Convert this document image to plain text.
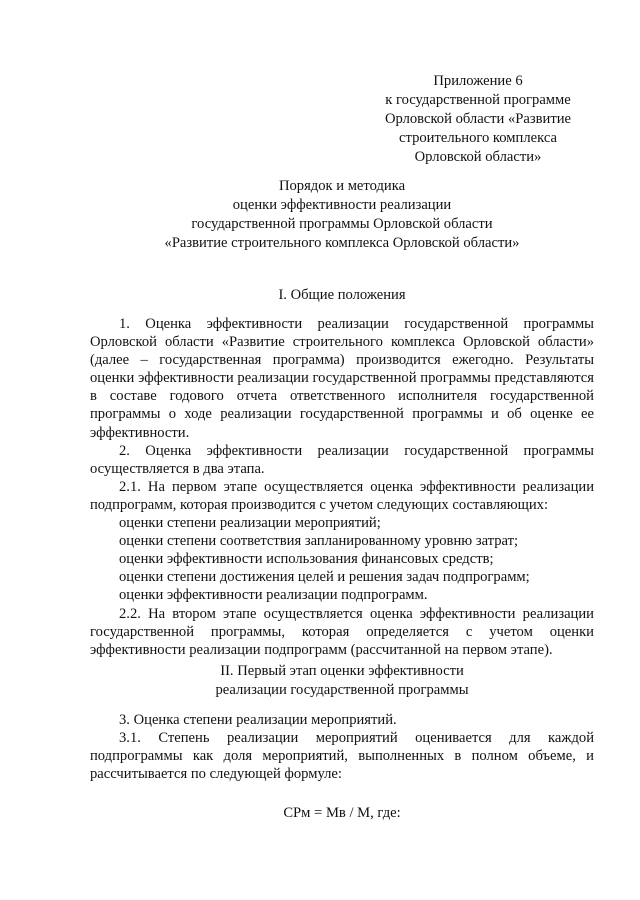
Приложение 6
к государственной программе
Орловской области «Развитие
строительного комплекса
Орловской области»
Порядок и методика
оценки эффективности реализации
государственной программы Орловской области
«Развитие строительного комплекса Орловской области»
I. Общие положения

1. Оценка эффективности реализации государственной программы Орловской области «Развитие строительного комплекса Орловской области» (далее – государственная программа) производится ежегодно. Результаты оценки эффективности реализации государственной программы представляются в составе годового отчета ответственного исполнителя государственной программы о ходе реализации государственной программы и об оценке ее эффективности.

2. Оценка эффективности реализации государственной программы осуществляется в два этапа.

2.1. На первом этапе осуществляется оценка эффективности реализации подпрограмм, которая производится с учетом следующих составляющих:

оценки степени реализации мероприятий;

оценки степени соответствия запланированному уровню затрат;

оценки эффективности использования финансовых средств;

оценки степени достижения целей и решения задач подпрограмм;

оценки эффективности реализации подпрограмм.

2.2. На втором этапе осуществляется оценка эффективности реализации государственной программы, которая определяется с учетом оценки эффективности реализации подпрограмм (рассчитанной на первом этапе).

II. Первый этап оценки эффективности
реализации государственной программы

3. Оценка степени реализации мероприятий.

3.1. Степень реализации мероприятий оценивается для каждой подпрограммы как доля мероприятий, выполненных в полном объеме, и рассчитывается по следующей формуле:

СРм = Мв / М, где:
